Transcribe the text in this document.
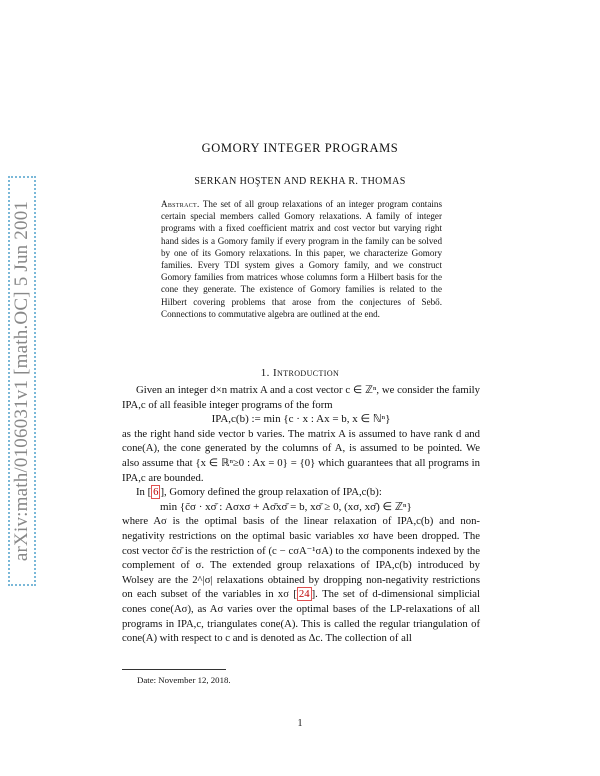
arXiv:math/0106031v1 [math.OC] 5 Jun 2001
GOMORY INTEGER PROGRAMS
SERKAN HOŞTEN AND REKHA R. THOMAS
Abstract. The set of all group relaxations of an integer program contains certain special members called Gomory relaxations. A family of integer programs with a fixed coefficient matrix and cost vector but varying right hand sides is a Gomory family if every program in the family can be solved by one of its Gomory relaxations. In this paper, we characterize Gomory families. Every TDI system gives a Gomory family, and we construct Gomory families from matrices whose columns form a Hilbert basis for the cone they generate. The existence of Gomory families is related to the Hilbert covering problems that arose from the conjectures of Sebő. Connections to commutative algebra are outlined at the end.
1. Introduction

Given an integer d×n matrix A and a cost vector c ∈ ℤⁿ, we consider the family IPA,c of all feasible integer programs of the form

IPA,c(b) := min {c · x : Ax = b, x ∈ ℕⁿ}

as the right hand side vector b varies. The matrix A is assumed to have rank d and cone(A), the cone generated by the columns of A, is assumed to be pointed. We also assume that {x ∈ ℝⁿ≥0 : Ax = 0} = {0} which guarantees that all programs in IPA,c are bounded.

In [ 6 ], Gomory defined the group relaxation of IPA,c(b):

min {c̃σ · xσ̄ : Aσxσ + Aσ̄xσ̄ = b, xσ̄ ≥ 0, (xσ, xσ̄) ∈ ℤⁿ}

where Aσ is the optimal basis of the linear relaxation of IPA,c(b) and non-negativity restrictions on the optimal basic variables xσ have been dropped. The cost vector c̃σ̄ is the restriction of (c − cσA⁻¹σA) to the components indexed by the complement of σ. The extended group relaxations of IPA,c(b) introduced by Wolsey are the 2^|σ| relaxations obtained by dropping non-negativity restrictions on each subset of the variables in xσ [ 24 ]. The set of d-dimensional simplicial cones cone(Aσ), as Aσ varies over the optimal bases of the LP-relaxations of all programs in IPA,c, triangulates cone(A). This is called the regular triangulation of cone(A) with respect to c and is denoted as Δc. The collection of all

Date: November 12, 2018.
1
